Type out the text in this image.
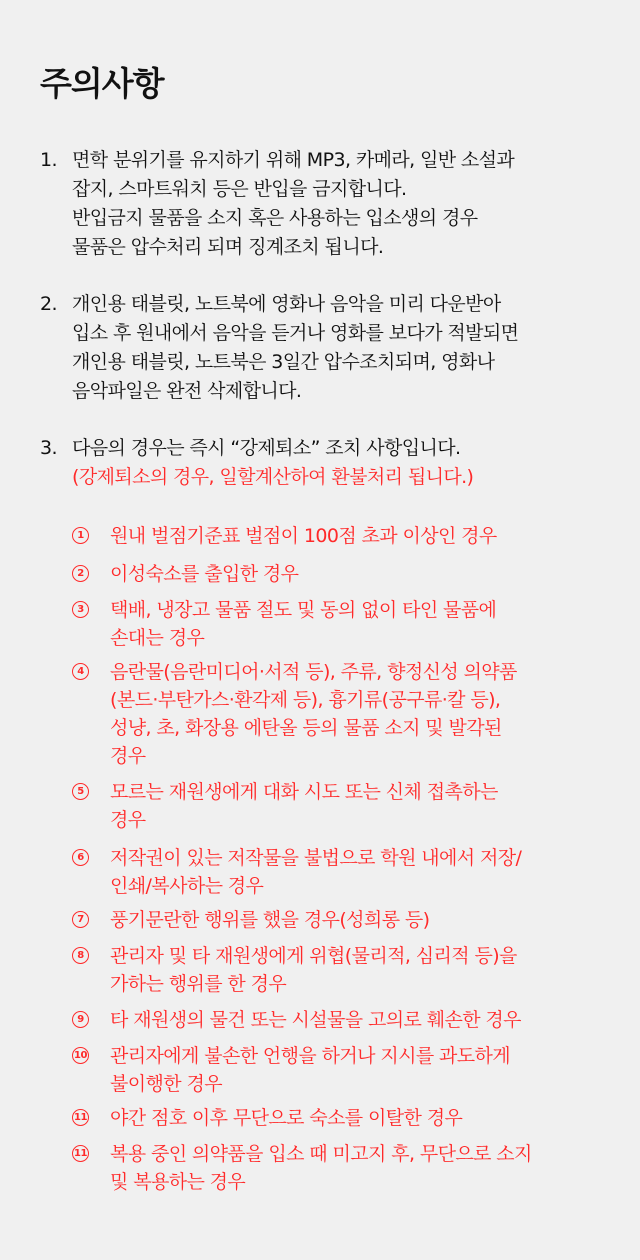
주의사항
1. 면학 분위기를 유지하기 위해 MP3, 카메라, 일반 소설과
잡지, 스마트워치 등은 반입을 금지합니다.
반입금지 물품을 소지 혹은 사용하는 입소생의 경우
물품은 압수처리 되며 징계조치 됩니다.
2. 개인용 태블릿, 노트북에 영화나 음악을 미리 다운받아
입소 후 원내에서 음악을 듣거나 영화를 보다가 적발되면
개인용 태블릿, 노트북은 3일간 압수조치되며, 영화나
음악파일은 완전 삭제합니다.
3. 다음의 경우는 즉시 “강제퇴소” 조치 사항입니다.
(강제퇴소의 경우, 일할계산하여 환불처리 됩니다.)
1 원내 벌점기준표 벌점이 100점 초과 이상인 경우
2 이성숙소를 출입한 경우
3 택배, 냉장고 물품 절도 및 동의 없이 타인 물품에
손대는 경우
4 음란물(음란미디어·서적 등), 주류, 향정신성 의약품
(본드·부탄가스·환각제 등), 흉기류(공구류·칼 등),
성냥, 초, 화장용 에탄올 등의 물품 소지 및 발각된
경우
5 모르는 재원생에게 대화 시도 또는 신체 접촉하는
경우
6 저작권이 있는 저작물을 불법으로 학원 내에서 저장/
인쇄/복사하는 경우
7 풍기문란한 행위를 했을 경우(성희롱 등)
8 관리자 및 타 재원생에게 위협(물리적, 심리적 등)을
가하는 행위를 한 경우
9 타 재원생의 물건 또는 시설물을 고의로 훼손한 경우
10 관리자에게 불손한 언행을 하거나 지시를 과도하게
불이행한 경우
11 야간 점호 이후 무단으로 숙소를 이탈한 경우
11 복용 중인 의약품을 입소 때 미고지 후, 무단으로 소지
및 복용하는 경우
